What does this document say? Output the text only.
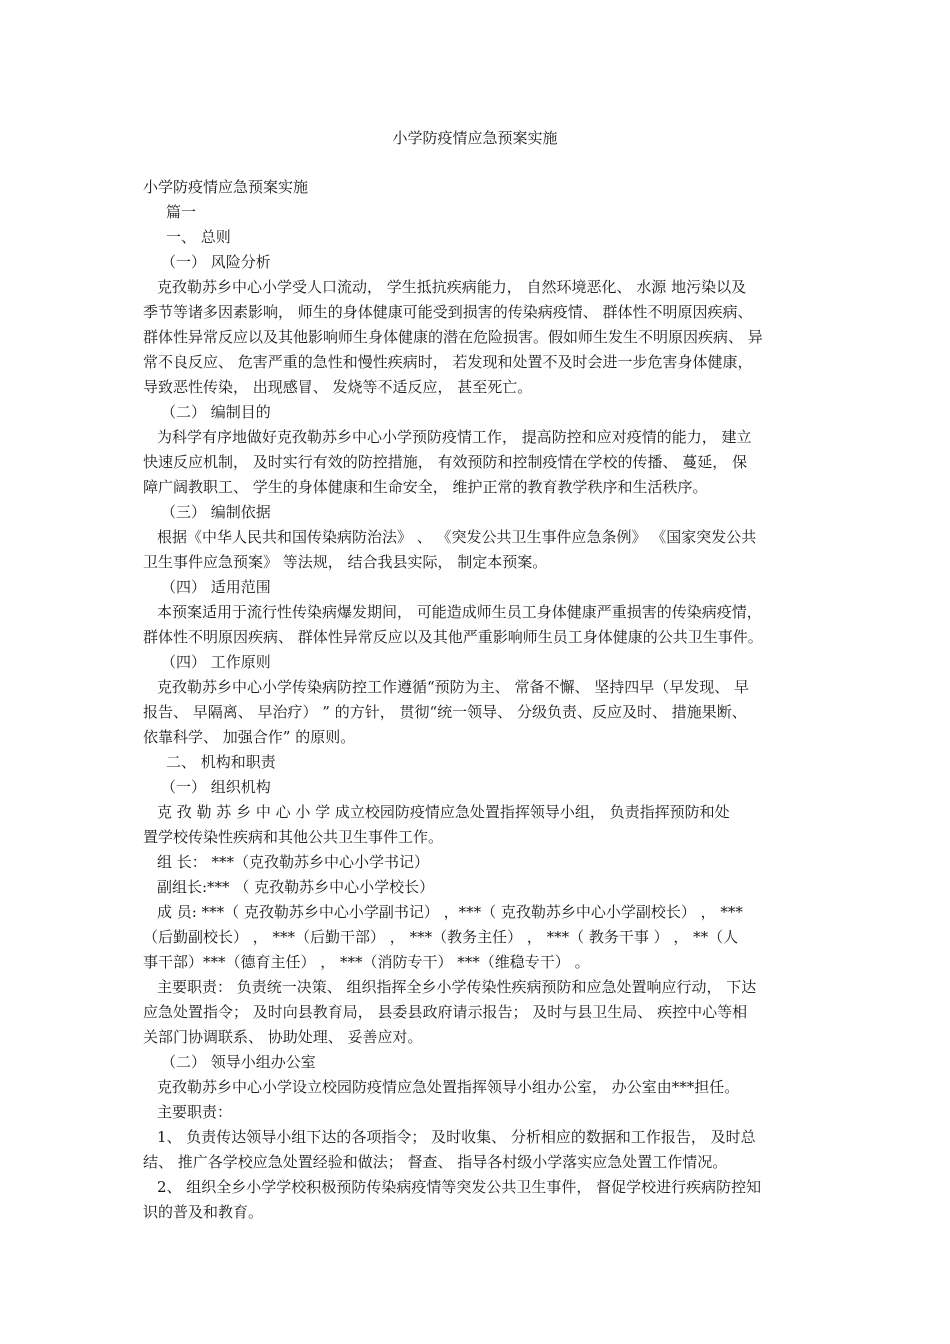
小学防疫情应急预案实施
小学防疫情应急预案实施
篇一
一、 总则
（一） 风险分析
克孜勒苏乡中心小学受人口流动， 学生抵抗疾病能力， 自然环境恶化、 水源 地污染以及
季节等诸多因素影响， 师生的身体健康可能受到损害的传染病疫情、 群体性不明原因疾病、
群体性异常反应以及其他影响师生身体健康的潜在危险损害。假如师生发生不明原因疾病、 异
常不良反应、 危害严重的急性和慢性疾病时， 若发现和处置不及时会进一步危害身体健康，
导致恶性传染， 出现感冒、 发烧等不适反应， 甚至死亡。
（二） 编制目的
为科学有序地做好克孜勒苏乡中心小学预防疫情工作， 提高防控和应对疫情的能力， 建立
快速反应机制， 及时实行有效的防控措施， 有效预防和控制疫情在学校的传播、 蔓延， 保
障广阔教职工、 学生的身体健康和生命安全， 维护正常的教育教学秩序和生活秩序。
（三） 编制依据
根据《中华人民共和国传染病防治法》 、 《突发公共卫生事件应急条例》 《国家突发公共
卫生事件应急预案》 等法规， 结合我县实际， 制定本预案。
（四） 适用范围
本预案适用于流行性传染病爆发期间， 可能造成师生员工身体健康严重损害的传染病疫情，
群体性不明原因疾病、 群体性异常反应以及其他严重影响师生员工身体健康的公共卫生事件。
（四） 工作原则
克孜勒苏乡中心小学传染病防控工作遵循“预防为主、 常备不懈、 坚持四早（早发现、 早
报告、 早隔离、 早治疗） ” 的方针， 贯彻“统一领导、 分级负责、反应及时、 措施果断、
依靠科学、 加强合作” 的原则。
二、 机构和职责
（一） 组织机构
克 孜 勒 苏 乡 中 心 小 学 成立校园防疫情应急处置指挥领导小组， 负责指挥预防和处
置学校传染性疾病和其他公共卫生事件工作。
组 长： ***（克孜勒苏乡中心小学书记）
副组长:*** （ 克孜勒苏乡中心小学校长）
成 员: ***（ 克孜勒苏乡中心小学副书记） ，***（ 克孜勒苏乡中心小学副校长） ， ***
（后勤副校长） ， ***（后勤干部） ， ***（教务主任） ， ***（ 教务干事 ） ， **（人
事干部）***（德育主任） ， ***（消防专干） ***（维稳专干） 。
主要职责： 负责统一决策、 组织指挥全乡小学传染性疾病预防和应急处置响应行动， 下达
应急处置指令； 及时向县教育局， 县委县政府请示报告； 及时与县卫生局、 疾控中心等相
关部门协调联系、 协助处理、 妥善应对。
（二） 领导小组办公室
克孜勒苏乡中心小学设立校园防疫情应急处置指挥领导小组办公室， 办公室由***担任。
主要职责：
1、 负责传达领导小组下达的各项指令； 及时收集、 分析相应的数据和工作报告， 及时总
结、 推广各学校应急处置经验和做法； 督查、 指导各村级小学落实应急处置工作情况。
2、 组织全乡小学学校积极预防传染病疫情等突发公共卫生事件， 督促学校进行疾病防控知
识的普及和教育。
